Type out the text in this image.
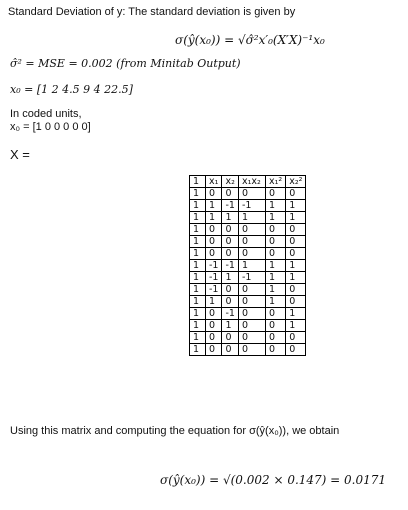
Standard Deviation of y: The standard deviation is given by
σ(ŷ(x₀)) = √σ̂²x′₀(X′X)⁻¹x₀
σ̂² = MSE = 0.002 (from Minitab Output)
x₀ = [1 2 4.5 9 4 22.5]
In coded units,
x₀ = [1 0 0 0 0 0]
X =
1	x₁	x₂	x₁x₂	x₁²	x₂²
1	0	0	0	0	0
1	1	-1	-1	1	1
1	1	1	1	1	1
1	0	0	0	0	0
1	0	0	0	0	0
1	0	0	0	0	0
1	-1	-1	1	1	1
1	-1	1	-1	1	1
1	-1	0	0	1	0
1	1	0	0	1	0
1	0	-1	0	0	1
1	0	1	0	0	1
1	0	0	0	0	0
1	0	0	0	0	0
Using this matrix and computing the equation for σ(ŷ(x₀)), we obtain
σ(ŷ(x₀)) = √(0.002 × 0.147) = 0.0171
